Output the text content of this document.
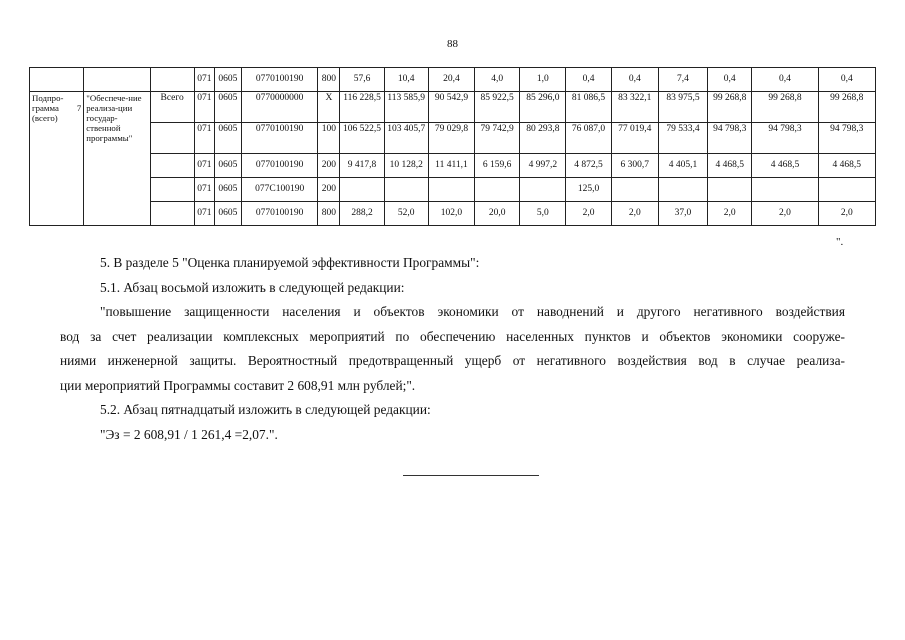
88
			071	0605	0770100190	800	57,6	10,4	20,4	4,0	1,0	0,4	0,4	7,4	0,4	0,4	0,4
Подпро-грамма 7 (всего)	"Обеспече-ние реализа-ции государ-ственной программы"	Всего	071	0605	0770000000	X	116 228,5	113 585,9	90 542,9	85 922,5	85 296,0	81 086,5	83 322,1	83 975,5	99 268,8	99 268,8	99 268,8
			071	0605	0770100190	100	106 522,5	103 405,7	79 029,8	79 742,9	80 293,8	76 087,0	77 019,4	79 533,4	94 798,3	94 798,3	94 798,3
			071	0605	0770100190	200	9 417,8	10 128,2	11 411,1	6 159,6	4 997,2	4 872,5	6 300,7	4 405,1	4 468,5	4 468,5	4 468,5
			071	0605	077С100190	200						125,0					
			071	0605	0770100190	800	288,2	52,0	102,0	20,0	5,0	2,0	2,0	37,0	2,0	2,0	2,0
".

5. В разделе 5 "Оценка планируемой эффективности Программы":

5.1. Абзац восьмой изложить в следующей редакции:

"повышение защищенности населения и объектов экономики от наводнений и другого негативного воздействия

вод за счет реализации комплексных мероприятий по обеспечению населенных пунктов и объектов экономики сооруже-

ниями инженерной защиты. Вероятностный предотвращенный ущерб от негативного воздействия вод в случае реализа-

ции мероприятий Программы составит 2 608,91 млн рублей;".

5.2. Абзац пятнадцатый изложить в следующей редакции:

"Эз = 2 608,91 / 1 261,4 =2,07.".
